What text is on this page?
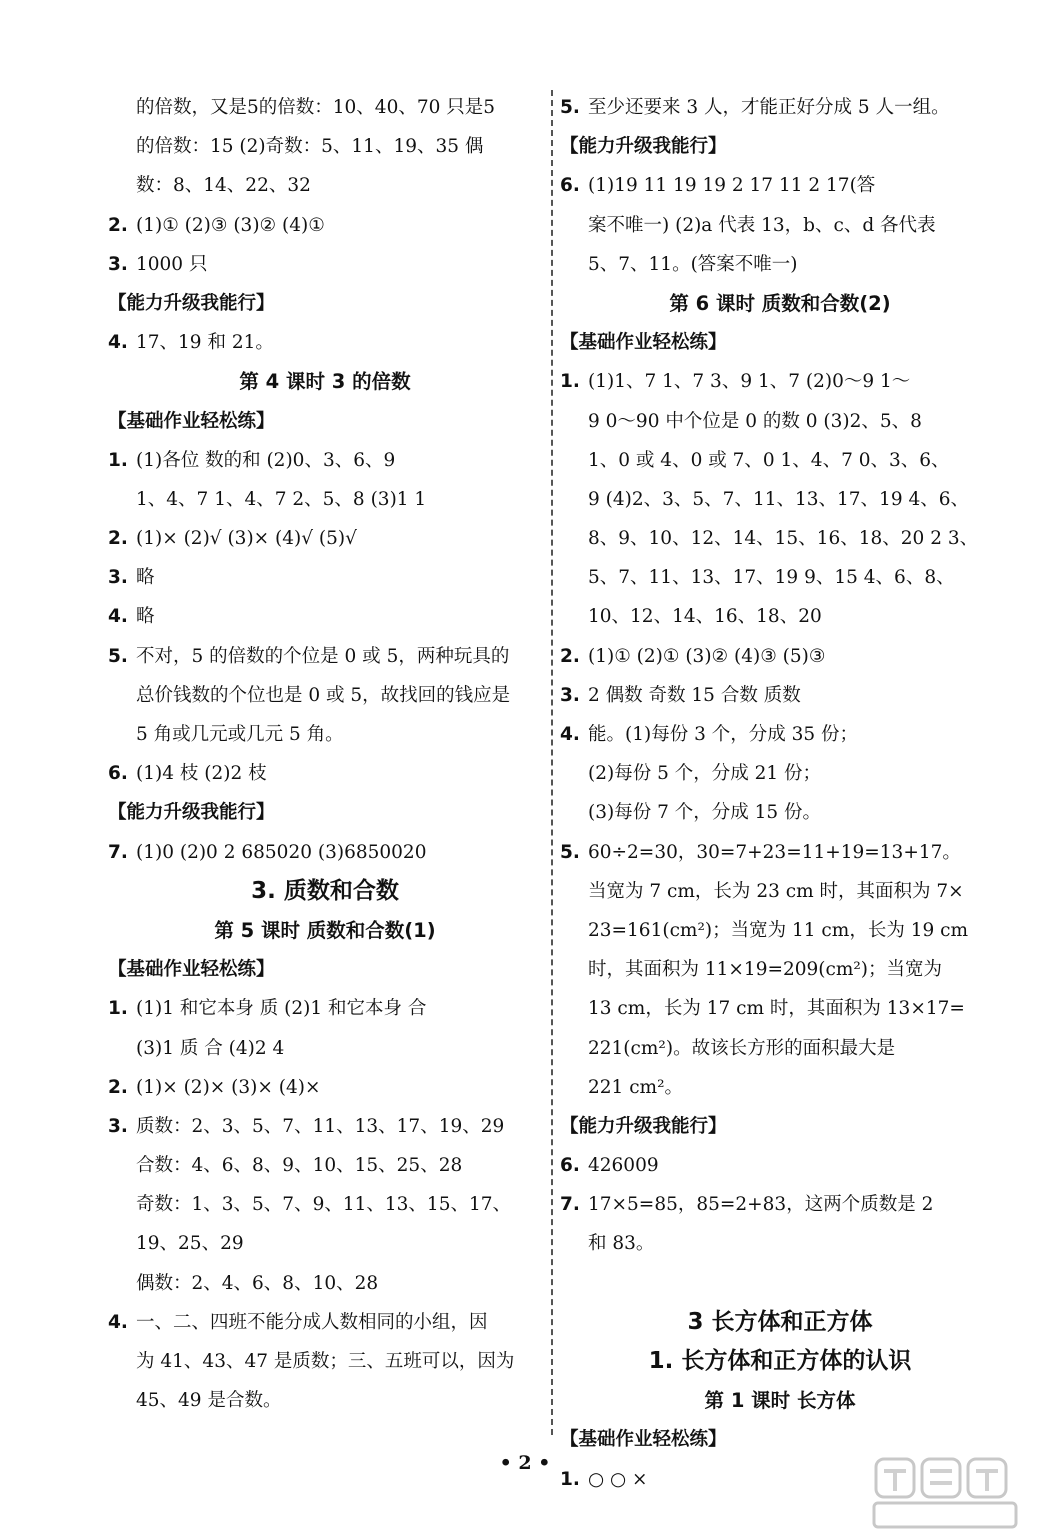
的倍数，又是5的倍数：10、40、70 只是5
的倍数：15 (2)奇数：5、11、19、35 偶
数：8、14、22、32
2. (1)① (2)③ (3)② (4)①
3. 1000 只
【能力升级我能行】
4. 17、19 和 21。
第 4 课时 3 的倍数
【基础作业轻松练】
1. (1)各位 数的和 (2)0、3、6、9
1、4、7 1、4、7 2、5、8 (3)1 1
2. (1)× (2)√ (3)× (4)√ (5)√
3. 略
4. 略
5. 不对，5 的倍数的个位是 0 或 5，两种玩具的
总价钱数的个位也是 0 或 5，故找回的钱应是
5 角或几元或几元 5 角。
6. (1)4 枝 (2)2 枝
【能力升级我能行】
7. (1)0 (2)0 2 685020 (3)6850020
3. 质数和合数
第 5 课时 质数和合数(1)
【基础作业轻松练】
1. (1)1 和它本身 质 (2)1 和它本身 合
(3)1 质 合 (4)2 4
2. (1)× (2)× (3)× (4)×
3. 质数：2、3、5、7、11、13、17、19、29
合数：4、6、8、9、10、15、25、28
奇数：1、3、5、7、9、11、13、15、17、
19、25、29
偶数：2、4、6、8、10、28
4. 一、二、四班不能分成人数相同的小组，因
为 41、43、47 是质数；三、五班可以，因为
45、49 是合数。
5. 至少还要来 3 人，才能正好分成 5 人一组。
【能力升级我能行】
6. (1)19 11 19 19 2 17 11 2 17(答
案不唯一) (2)a 代表 13，b、c、d 各代表
5、7、11。(答案不唯一)
第 6 课时 质数和合数(2)
【基础作业轻松练】
1. (1)1、7 1、7 3、9 1、7 (2)0～9 1～
9 0～90 中个位是 0 的数 0 (3)2、5、8
1、0 或 4、0 或 7、0 1、4、7 0、3、6、
9 (4)2、3、5、7、11、13、17、19 4、6、
8、9、10、12、14、15、16、18、20 2 3、
5、7、11、13、17、19 9、15 4、6、8、
10、12、14、16、18、20
2. (1)① (2)① (3)② (4)③ (5)③
3. 2 偶数 奇数 15 合数 质数
4. 能。(1)每份 3 个，分成 35 份；
(2)每份 5 个，分成 21 份；
(3)每份 7 个，分成 15 份。
5. 60÷2=30，30=7+23=11+19=13+17。
当宽为 7 cm，长为 23 cm 时，其面积为 7×
23=161(cm²)；当宽为 11 cm，长为 19 cm
时，其面积为 11×19=209(cm²)；当宽为
13 cm，长为 17 cm 时，其面积为 13×17=
221(cm²)。故该长方形的面积最大是
221 cm²。
【能力升级我能行】
6. 426009
7. 17×5=85，85=2+83，这两个质数是 2
和 83。
3 长方体和正方体
1. 长方体和正方体的认识
第 1 课时 长方体
【基础作业轻松练】
1. ○ ○ ×
• 2 •
